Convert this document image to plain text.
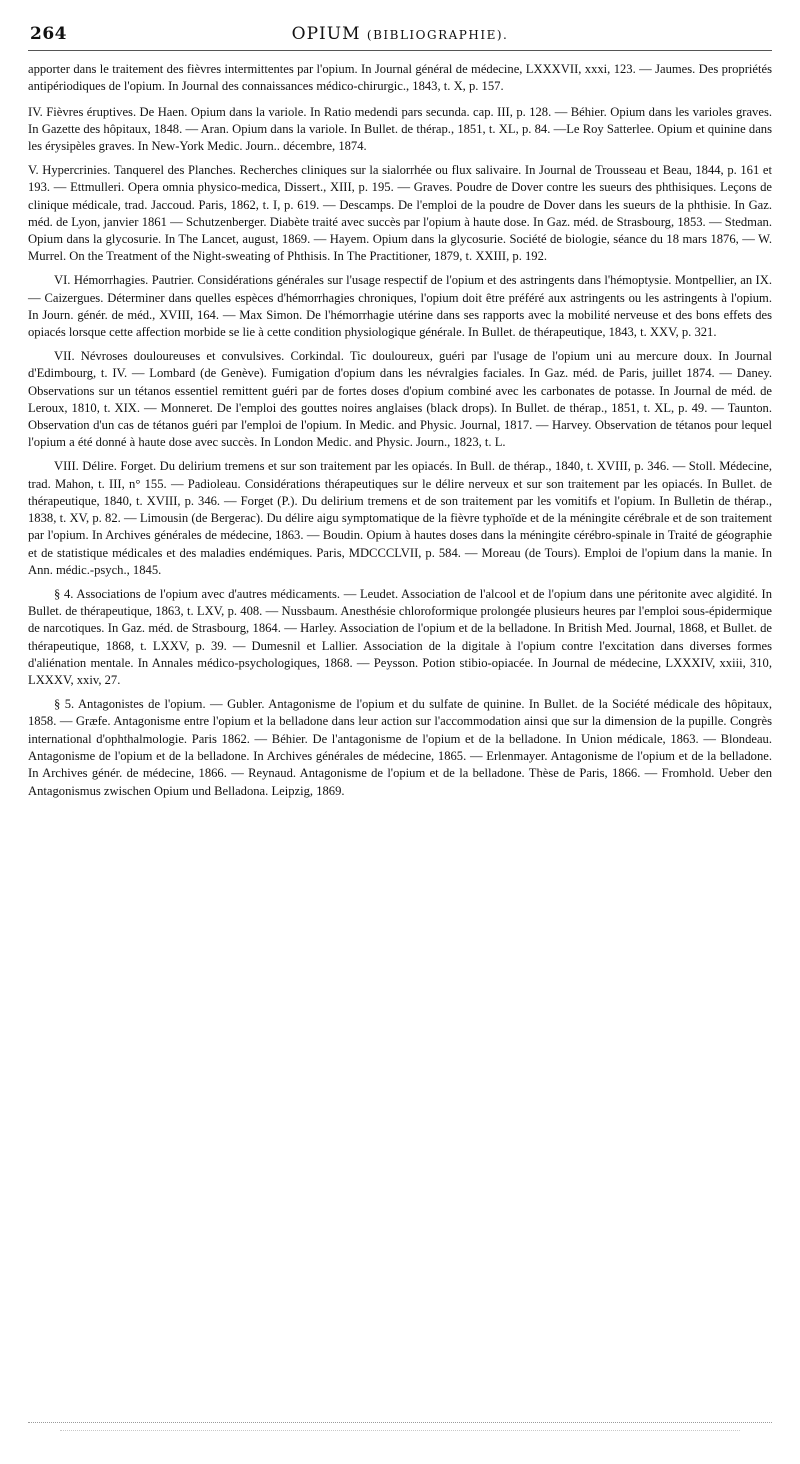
264	OPIUM (BIBLIOGRAPHIE).

apporter dans le traitement des fièvres intermittentes par l'opium. In Journal général de médecine, LXXXVII, xxxi, 123. — Jaumes. Des propriétés antipériodiques de l'opium. In Journal des connaissances médico-chirurgic., 1843, t. X, p. 157.

IV. Fièvres éruptives. De Haen. Opium dans la variole. In Ratio medendi pars secunda. cap. III, p. 128. — Béhier. Opium dans les varioles graves. In Gazette des hôpitaux, 1848. — Aran. Opium dans la variole. In Bullet. de thérap., 1851, t. XL, p. 84. —Le Roy Satterlee. Opium et quinine dans les érysipèles graves. In New-York Medic. Journ.. décembre, 1874.

V. Hypercrinies. Tanquerel des Planches. Recherches cliniques sur la sialorrhée ou flux salivaire. In Journal de Trousseau et Beau, 1844, p. 161 et 193. — Ettmulleri. Opera omnia physico-medica, Dissert., XIII, p. 195. — Graves. Poudre de Dover contre les sueurs des phthisiques. Leçons de clinique médicale, trad. Jaccoud. Paris, 1862, t. I, p. 619. — Descamps. De l'emploi de la poudre de Dover dans les sueurs de la phthisie. In Gaz. méd. de Lyon, janvier 1861 — Schutzenberger. Diabète traité avec succès par l'opium à haute dose. In Gaz. méd. de Strasbourg, 1853. — Stedman. Opium dans la glycosurie. In The Lancet, august, 1869. — Hayem. Opium dans la glycosurie. Société de biologie, séance du 18 mars 1876, — W. Murrel. On the Treatment of the Night-sweating of Phthisis. In The Practitioner, 1879, t. XXIII, p. 192.

VI. Hémorrhagies. Pautrier. Considérations générales sur l'usage respectif de l'opium et des astringents dans l'hémoptysie. Montpellier, an IX. — Caizergues. Déterminer dans quelles espèces d'hémorrhagies chroniques, l'opium doit être préféré aux astringents ou les astringents à l'opium. In Journ. génér. de méd., XVIII, 164. — Max Simon. De l'hémorrhagie utérine dans ses rapports avec la mobilité nerveuse et des bons effets des opiacés lorsque cette affection morbide se lie à cette condition physiologique générale. In Bullet. de thérapeutique, 1843, t. XXV, p. 321.

VII. Névroses douloureuses et convulsives. Corkindal. Tic douloureux, guéri par l'usage de l'opium uni au mercure doux. In Journal d'Edimbourg, t. IV. — Lombard (de Genève). Fumigation d'opium dans les névralgies faciales. In Gaz. méd. de Paris, juillet 1874. — Daney. Observations sur un tétanos essentiel remittent guéri par de fortes doses d'opium combiné avec les carbonates de potasse. In Journal de méd. de Leroux, 1810, t. XIX. — Monneret. De l'emploi des gouttes noires anglaises (black drops). In Bullet. de thérap., 1851, t. XL, p. 49. — Taunton. Observation d'un cas de tétanos guéri par l'emploi de l'opium. In Medic. and Physic. Journal, 1817. — Harvey. Observation de tétanos pour lequel l'opium a été donné à haute dose avec succès. In London Medic. and Physic. Journ., 1823, t. L.

VIII. Délire. Forget. Du delirium tremens et sur son traitement par les opiacés. In Bull. de thérap., 1840, t. XVIII, p. 346. — Stoll. Médecine, trad. Mahon, t. III, n° 155. — Padioleau. Considérations thérapeutiques sur le délire nerveux et sur son traitement par les opiacés. In Bullet. de thérapeutique, 1840, t. XVIII, p. 346. — Forget (P.). Du delirium tremens et de son traitement par les vomitifs et l'opium. In Bulletin de thérap., 1838, t. XV, p. 82. — Limousin (de Bergerac). Du délire aigu symptomatique de la fièvre typhoïde et de la méningite cérébrale et de son traitement par l'opium. In Archives générales de médecine, 1863. — Boudin. Opium à hautes doses dans la méningite cérébro-spinale in Traité de géographie et de statistique médicales et des maladies endémiques. Paris, MDCCCLVII, p. 584. — Moreau (de Tours). Emploi de l'opium dans la manie. In Ann. médic.-psych., 1845.

§ 4. Associations de l'opium avec d'autres médicaments. — Leudet. Association de l'alcool et de l'opium dans une péritonite avec algidité. In Bullet. de thérapeutique, 1863, t. LXV, p. 408. — Nussbaum. Anesthésie chloroformique prolongée plusieurs heures par l'emploi sous-épidermique de narcotiques. In Gaz. méd. de Strasbourg, 1864. — Harley. Association de l'opium et de la belladone. In British Med. Journal, 1868, et Bullet. de thérapeutique, 1868, t. LXXV, p. 39. — Dumesnil et Lallier. Association de la digitale à l'opium contre l'excitation dans diverses formes d'aliénation mentale. In Annales médico-psychologiques, 1868. — Peysson. Potion stibio-opiacée. In Journal de médecine, LXXXIV, xxiii, 310, LXXXV, xxiv, 27.

§ 5. Antagonistes de l'opium. — Gubler. Antagonisme de l'opium et du sulfate de quinine. In Bullet. de la Société médicale des hôpitaux, 1858. — Græfe. Antagonisme entre l'opium et la belladone dans leur action sur l'accommodation ainsi que sur la dimension de la pupille. Congrès international d'ophthalmologie. Paris 1862. — Béhier. De l'antagonisme de l'opium et de la belladone. In Union médicale, 1863. — Blondeau. Antagonisme de l'opium et de la belladone. In Archives générales de médecine, 1865. — Erlenmayer. Antagonisme de l'opium et de la belladone. In Archives génér. de médecine, 1866. — Reynaud. Antagonisme de l'opium et de la belladone. Thèse de Paris, 1866. — Fromhold. Ueber den Antagonismus zwischen Opium und Belladona. Leipzig, 1869.
